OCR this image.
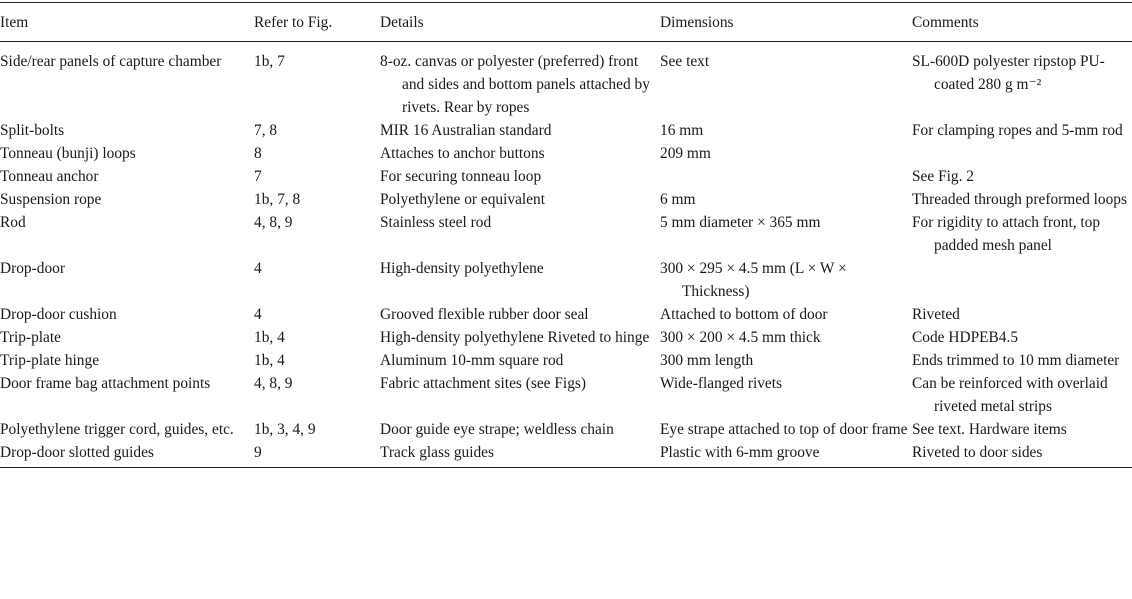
Item	Refer to Fig.	Details	Dimensions	Comments
Side/rear panels of capture chamber	1b, 7	8-oz. canvas or polyester (preferred) front and sides and bottom panels attached by rivets. Rear by ropes	See text	SL-600D polyester ripstop PU-coated 280 g m⁻²
Split-bolts	7, 8	MIR 16 Australian standard	16 mm	For clamping ropes and 5-mm rod
Tonneau (bunji) loops	8	Attaches to anchor buttons	209 mm	
Tonneau anchor	7	For securing tonneau loop		See Fig. 2
Suspension rope	1b, 7, 8	Polyethylene or equivalent	6 mm	Threaded through preformed loops
Rod	4, 8, 9	Stainless steel rod	5 mm diameter × 365 mm	For rigidity to attach front, top padded mesh panel
Drop-door	4	High-density polyethylene	300 × 295 × 4.5 mm (L × W × Thickness)	
Drop-door cushion	4	Grooved flexible rubber door seal	Attached to bottom of door	Riveted
Trip-plate	1b, 4	High-density polyethylene Riveted to hinge	300 × 200 × 4.5 mm thick	Code HDPEB4.5
Trip-plate hinge	1b, 4	Aluminum 10-mm square rod	300 mm length	Ends trimmed to 10 mm diameter
Door frame bag attachment points	4, 8, 9	Fabric attachment sites (see Figs)	Wide-flanged rivets	Can be reinforced with overlaid riveted metal strips
Polyethylene trigger cord, guides, etc.	1b, 3, 4, 9	Door guide eye strape; weldless chain	Eye strape attached to top of door frame	See text. Hardware items
Drop-door slotted guides	9	Track glass guides	Plastic with 6-mm groove	Riveted to door sides
